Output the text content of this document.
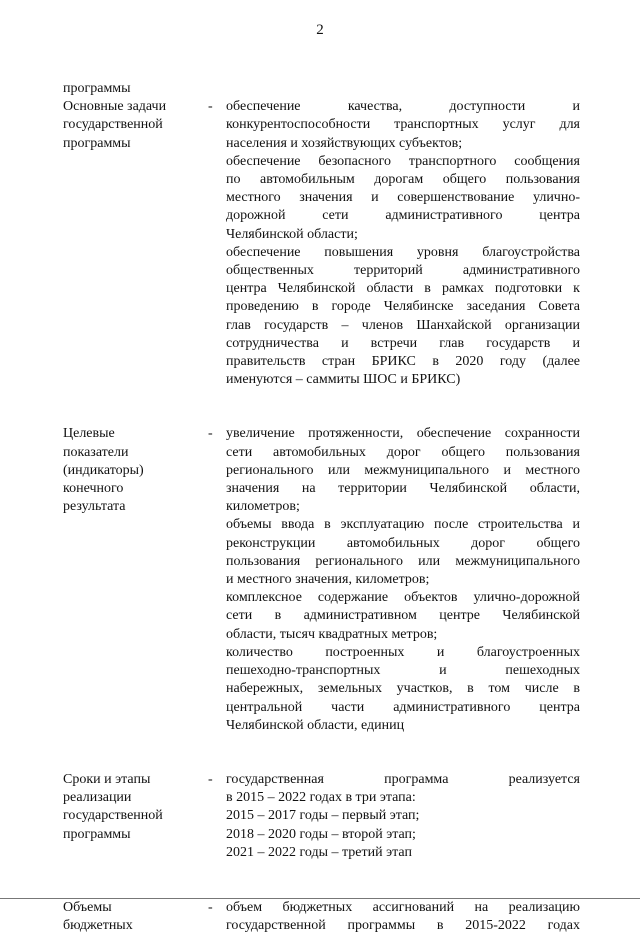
2
программы
Основные задачи
государственной
программы
- обеспечение качества, доступности и
конкурентоспособности транспортных услуг для
населения и хозяйствующих субъектов;
обеспечение безопасного транспортного сообщения
по автомобильным дорогам общего пользования
местного значения и совершенствование улично-
дорожной сети административного центра
Челябинской области;
обеспечение повышения уровня благоустройства
общественных территорий административного
центра Челябинской области в рамках подготовки к
проведению в городе Челябинске заседания Совета
глав государств – членов Шанхайской организации
сотрудничества и встречи глав государств и
правительств стран БРИКС в 2020 году (далее
именуются – саммиты ШОС и БРИКС)
Целевые
показатели
(индикаторы)
конечного
результата
- увеличение протяженности, обеспечение сохранности
сети автомобильных дорог общего пользования
регионального или межмуниципального и местного
значения на территории Челябинской области,
километров;
объемы ввода в эксплуатацию после строительства и
реконструкции автомобильных дорог общего
пользования регионального или межмуниципального
и местного значения, километров;
комплексное содержание объектов улично-дорожной
сети в административном центре Челябинской
области, тысяч квадратных метров;
количество построенных и благоустроенных
пешеходно-транспортных и пешеходных
набережных, земельных участков, в том числе в
центральной части административного центра
Челябинской области, единиц
Сроки и этапы
реализации
государственной
программы
- государственная программа реализуется
в 2015 – 2022 годах в три этапа:
2015 – 2017 годы – первый этап;
2018 – 2020 годы – второй этап;
2021 – 2022 годы – третий этап
Объемы
бюджетных
- объем бюджетных ассигнований на реализацию
государственной программы в 2015-2022 годах
